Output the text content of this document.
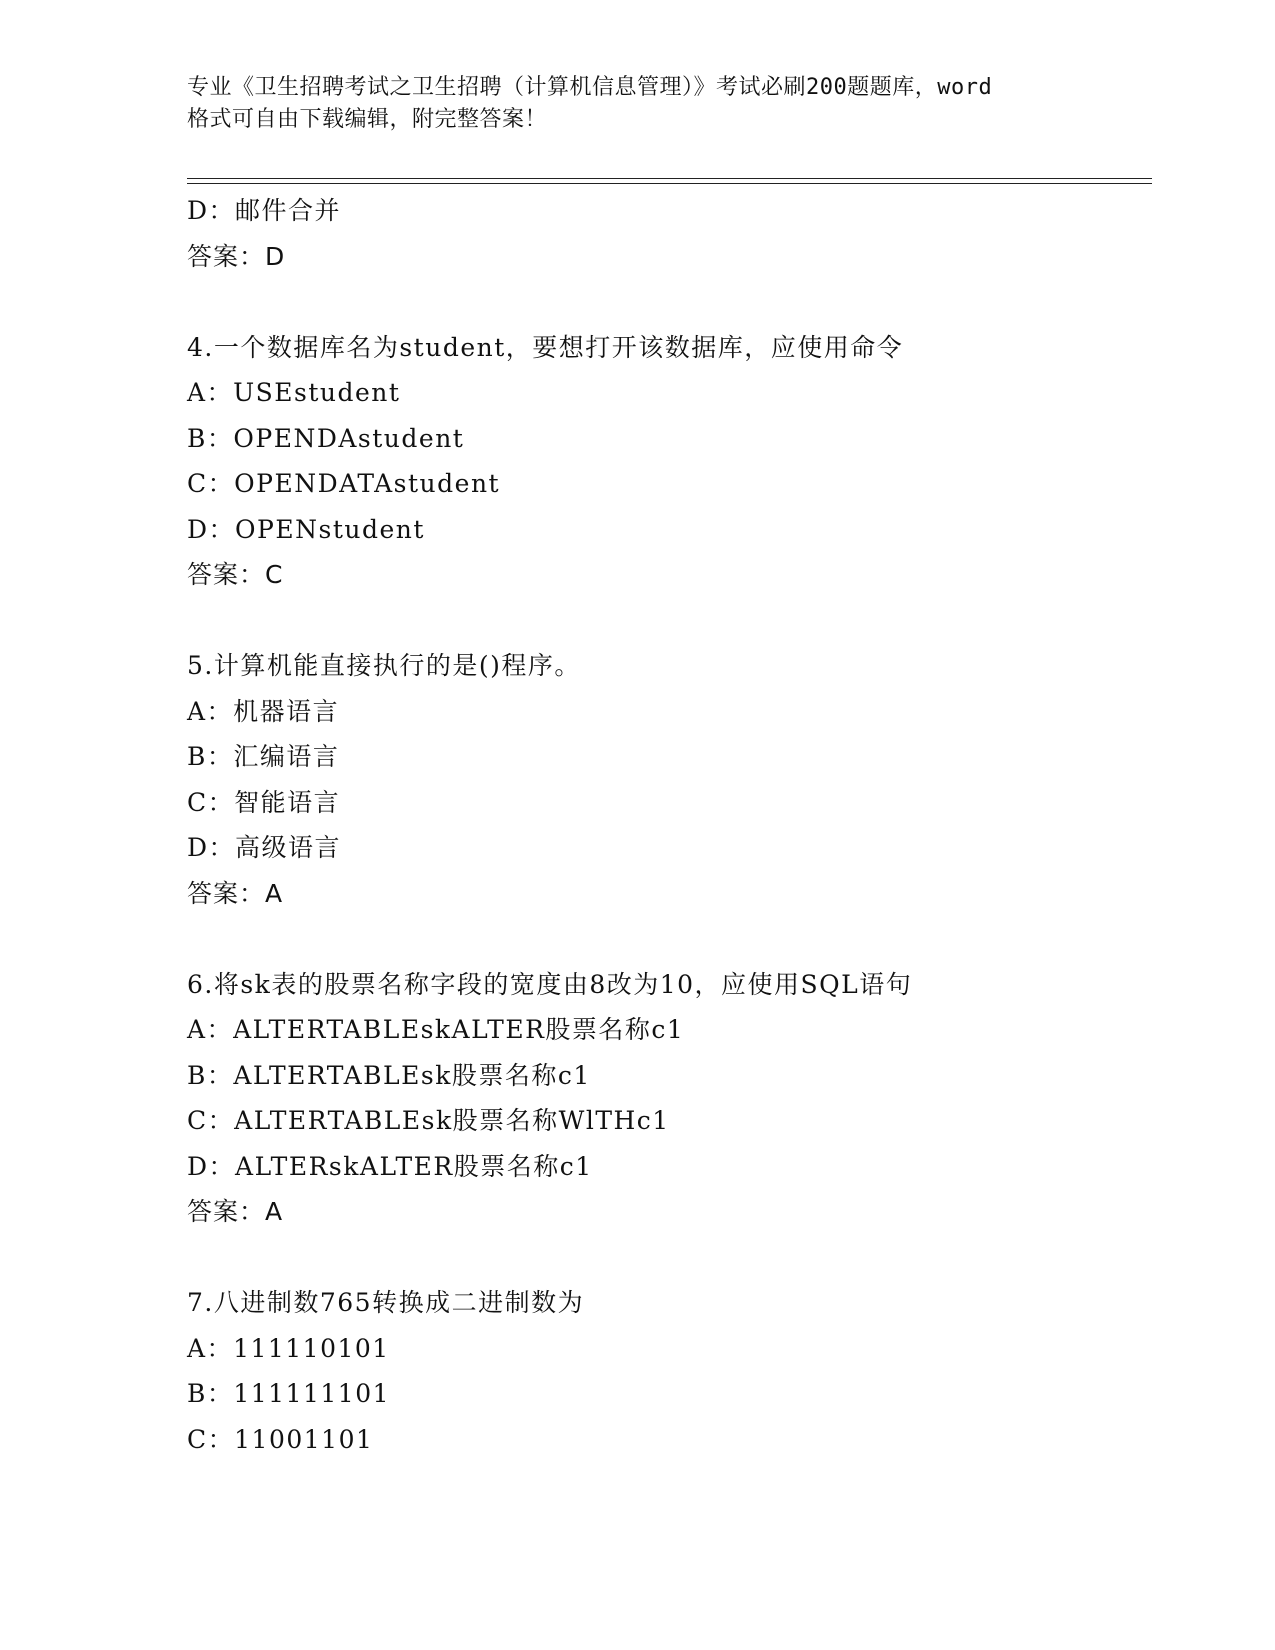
专业《卫生招聘考试之卫生招聘（计算机信息管理）》考试必刷200题题库，word
格式可自由下载编辑，附完整答案！
D：邮件合并
答案：D
4.一个数据库名为student，要想打开该数据库，应使用命令
A：USEstudent
B：OPENDAstudent
C：OPENDATAstudent
D：OPENstudent
答案：C
5.计算机能直接执行的是()程序。
A：机器语言
B：汇编语言
C：智能语言
D：高级语言
答案：A
6.将sk表的股票名称字段的宽度由8改为10，应使用SQL语句
A：ALTERTABLEskALTER股票名称c1
B：ALTERTABLEsk股票名称c1
C：ALTERTABLEsk股票名称WlTHc1
D：ALTERskALTER股票名称c1
答案：A
7.八进制数765转换成二进制数为
A：111110101
B：111111101
C：11001101
